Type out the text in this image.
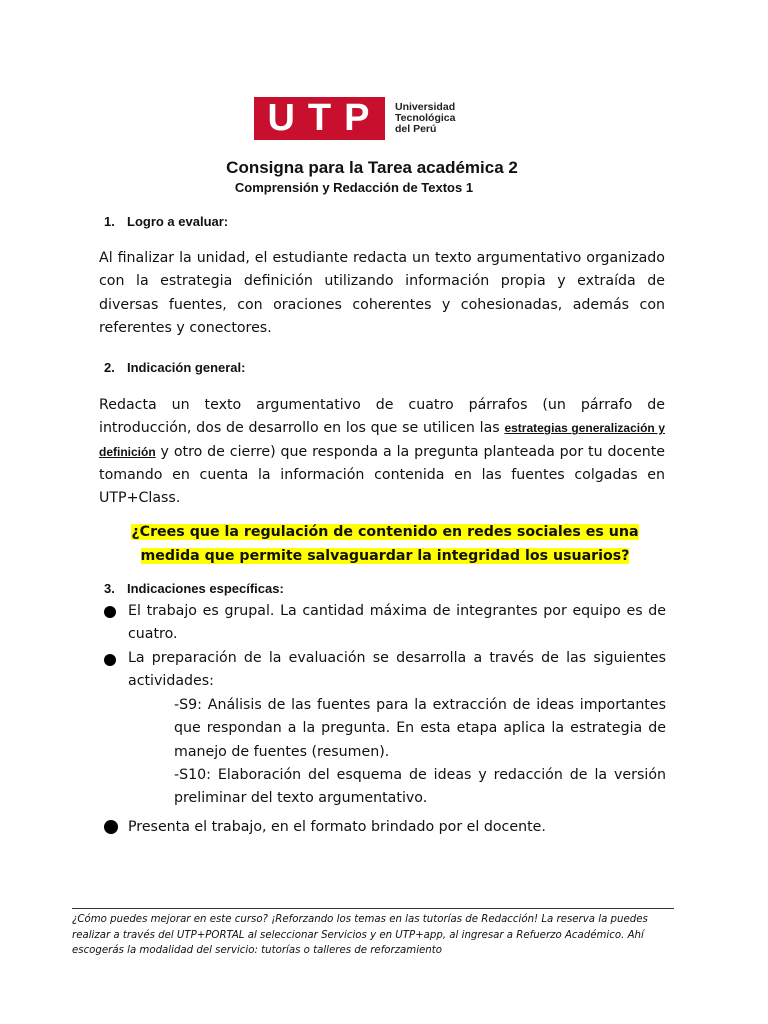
U T P Universidad
Tecnológica
del Perú
Consigna para la Tarea académica 2
Comprensión y Redacción de Textos 1
1. Logro a evaluar:
Al finalizar la unidad, el estudiante redacta un texto argumentativo organizado con la estrategia definición utilizando información propia y extraída de diversas fuentes, con oraciones coherentes y cohesionadas, además con referentes y conectores.
2. Indicación general:
Redacta un texto argumentativo de cuatro párrafos (un párrafo de introducción, dos de desarrollo en los que se utilicen las estrategias generalización y definición y otro de cierre) que responda a la pregunta planteada por tu docente tomando en cuenta la información contenida en las fuentes colgadas en UTP+Class.
¿Crees que la regulación de contenido en redes sociales es una
medida que permite salvaguardar la integridad los usuarios?
3. Indicaciones específicas:
El trabajo es grupal. La cantidad máxima de integrantes por equipo es de cuatro.
La preparación de la evaluación se desarrolla a través de las siguientes actividades:
-S9: Análisis de las fuentes para la extracción de ideas importantes que respondan a la pregunta. En esta etapa aplica la estrategia de manejo de fuentes (resumen).
-S10: Elaboración del esquema de ideas y redacción de la versión preliminar del texto argumentativo.
Presenta el trabajo, en el formato brindado por el docente.
¿Cómo puedes mejorar en este curso? ¡Reforzando los temas en las tutorías de Redacción! La reserva la puedes realizar a través del UTP+PORTAL al seleccionar Servicios y en UTP+app, al ingresar a Refuerzo Académico. Ahí escogerás la modalidad del servicio: tutorías o talleres de reforzamiento
